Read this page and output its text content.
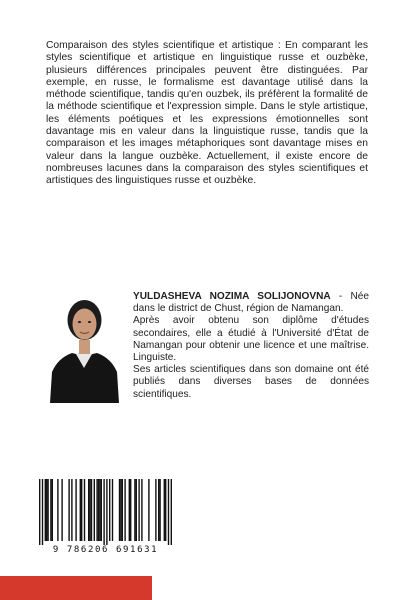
Comparaison des styles scientifique et artistique : En comparant les styles scientifique et artistique en linguistique russe et ouzbèke, plusieurs différences principales peuvent être distinguées. Par exemple, en russe, le formalisme est davantage utilisé dans la méthode scientifique, tandis qu'en ouzbek, ils préfèrent la formalité de la méthode scientifique et l'expression simple. Dans le style artistique, les éléments poétiques et les expressions émotionnelles sont davantage mis en valeur dans la linguistique russe, tandis que la comparaison et les images métaphoriques sont davantage mises en valeur dans la langue ouzbèke. Actuellement, il existe encore de nombreuses lacunes dans la comparaison des styles scientifiques et artistiques des linguistiques russe et ouzbèke.

YULDASHEVA NOZIMA SOLIJONOVNA - Née dans le district de Chust, région de Namangan.

Après avoir obtenu son diplôme d'études secondaires, elle a étudié à l'Université d'État de Namangan pour obtenir une licence et une maîtrise. Linguiste.

Ses articles scientifiques dans son domaine ont été publiés dans diverses bases de données scientifiques.

9 786206 691631
